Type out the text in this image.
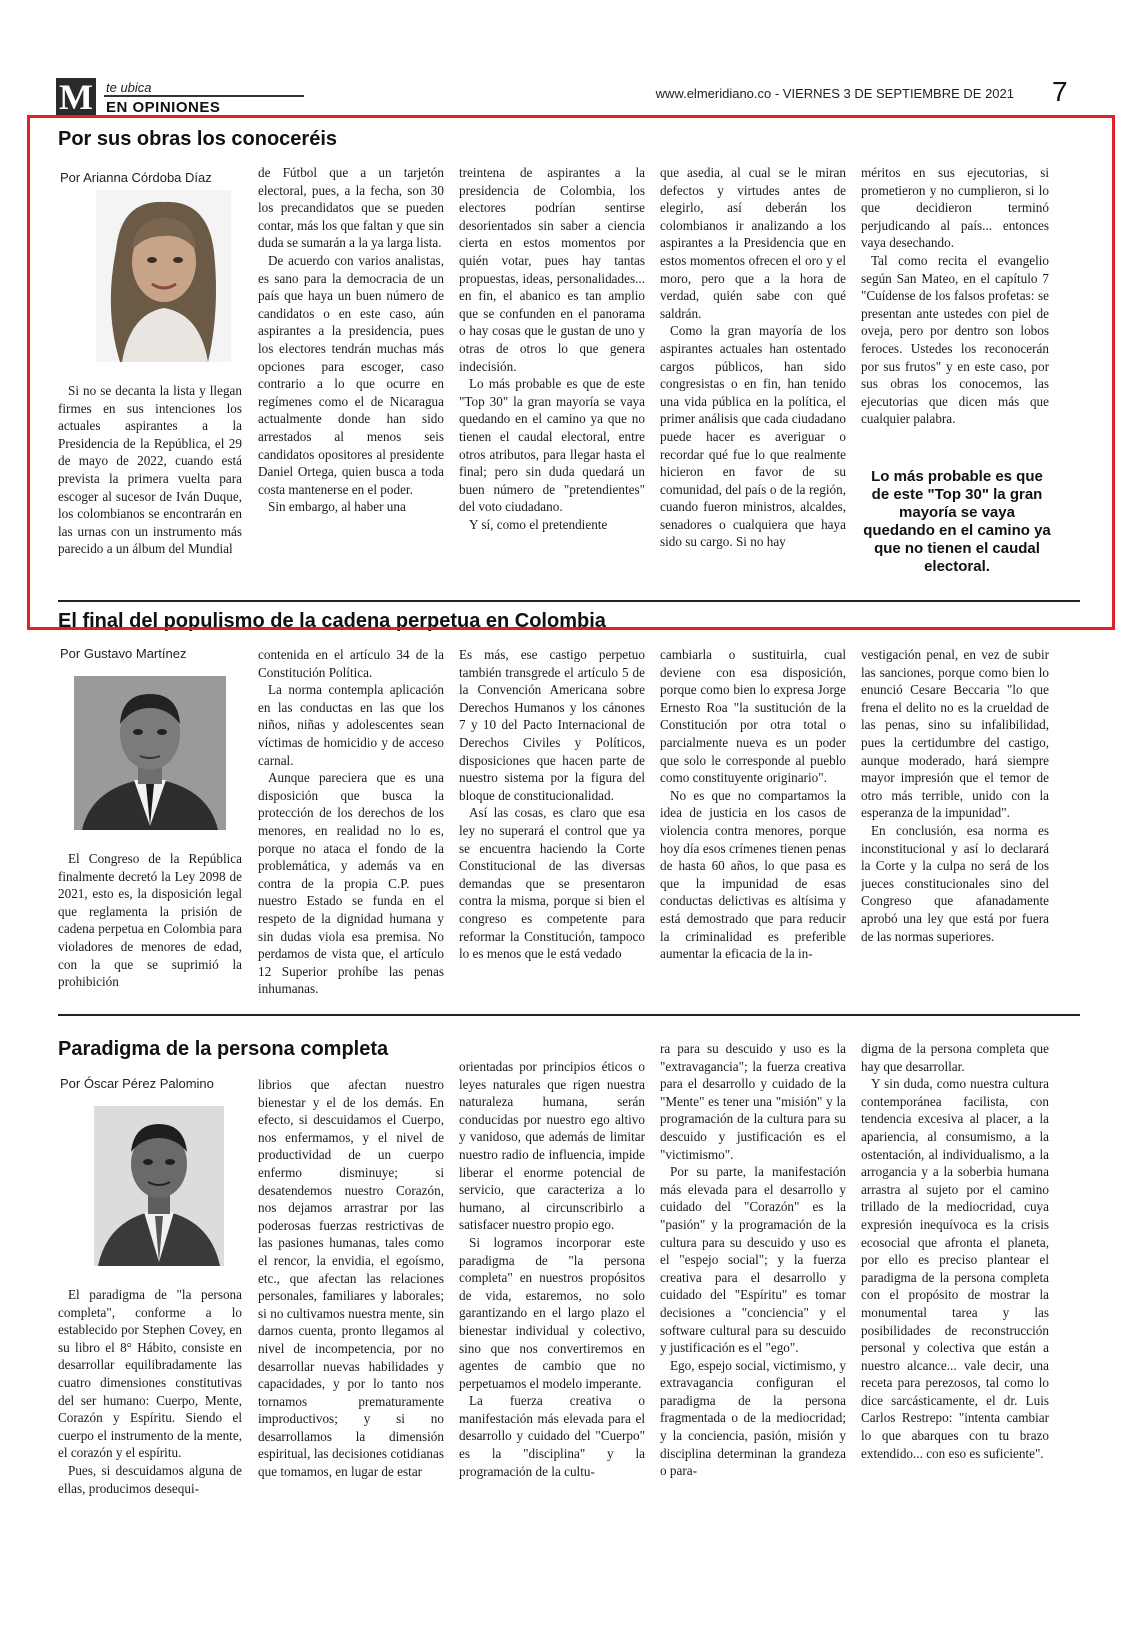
M te ubica
EN OPINIONES
www.elmeridiano.co - VIERNES 3 DE SEPTIEMBRE DE 2021 7
Por sus obras los conoceréis
Por Arianna Córdoba Díaz

Si no se decanta la lista y llegan firmes en sus intenciones los actuales aspirantes a la Presidencia de la República, el 29 de mayo de 2022, cuando está prevista la primera vuelta para escoger al sucesor de Iván Duque, los colombianos se encontrarán en las urnas con un instrumento más parecido a un álbum del Mundial

de Fútbol que a un tarjetón electoral, pues, a la fecha, son 30 los precandidatos que se pueden contar, más los que faltan y que sin duda se sumarán a la ya larga lista.

De acuerdo con varios analistas, es sano para la democracia de un país que haya un buen número de candidatos o en este caso, aún aspirantes a la presidencia, pues los electores tendrán muchas más opciones para escoger, caso contrario a lo que ocurre en regímenes como el de Nicaragua actualmente donde han sido arrestados al menos seis candidatos opositores al presidente Daniel Ortega, quien busca a toda costa mantenerse en el poder.

Sin embargo, al haber una

treintena de aspirantes a la presidencia de Colombia, los electores podrían sentirse desorientados sin saber a ciencia cierta en estos momentos por quién votar, pues hay tantas propuestas, ideas, personalidades... en fin, el abanico es tan amplio que se confunden en el panorama o hay cosas que le gustan de uno y otras de otros lo que genera indecisión.

Lo más probable es que de este "Top 30" la gran mayoría se vaya quedando en el camino ya que no tienen el caudal electoral, entre otros atributos, para llegar hasta el final; pero sin duda quedará un buen número de "pretendientes" del voto ciudadano.

Y sí, como el pretendiente

que asedia, al cual se le miran defectos y virtudes antes de elegirlo, así deberán los colombianos ir analizando a los aspirantes a la Presidencia que en estos momentos ofrecen el oro y el moro, pero que a la hora de verdad, quién sabe con qué saldrán.

Como la gran mayoría de los aspirantes actuales han ostentado cargos públicos, han sido congresistas o en fin, han tenido una vida pública en la política, el primer análisis que cada ciudadano puede hacer es averiguar o recordar qué fue lo que realmente hicieron en favor de su comunidad, del país o de la región, cuando fueron ministros, alcaldes, senadores o cualquiera que haya sido su cargo. Si no hay

méritos en sus ejecutorias, si prometieron y no cumplieron, si lo que decidieron terminó perjudicando al país... entonces vaya desechando.

Tal como recita el evangelio según San Mateo, en el capítulo 7 "Cuídense de los falsos profetas: se presentan ante ustedes con piel de oveja, pero por dentro son lobos feroces. Ustedes los reconocerán por sus frutos" y en este caso, por sus obras los conocemos, las ejecutorias que dicen más que cualquier palabra.

Lo más probable es que de este "Top 30" la gran mayoría se vaya quedando en el camino ya que no tienen el caudal electoral.
El final del populismo de la cadena perpetua en Colombia
Por Gustavo Martínez

El Congreso de la República finalmente decretó la Ley 2098 de 2021, esto es, la disposición legal que reglamenta la prisión de cadena perpetua en Colombia para violadores de menores de edad, con la que se suprimió la prohibición

contenida en el artículo 34 de la Constitución Política.

La norma contempla aplicación en las conductas en las que los niños, niñas y adolescentes sean víctimas de homicidio y de acceso carnal.

Aunque pareciera que es una disposición que busca la protección de los derechos de los menores, en realidad no lo es, porque no ataca el fondo de la problemática, y además va en contra de la propia C.P. pues nuestro Estado se funda en el respeto de la dignidad humana y sin dudas viola esa premisa. No perdamos de vista que, el artículo 12 Superior prohíbe las penas inhumanas.

Es más, ese castigo perpetuo también transgrede el artículo 5 de la Convención Americana sobre Derechos Humanos y los cánones 7 y 10 del Pacto Internacional de Derechos Civiles y Políticos, disposiciones que hacen parte de nuestro sistema por la figura del bloque de constitucionalidad.

Así las cosas, es claro que esa ley no superará el control que ya se encuentra haciendo la Corte Constitucional de las diversas demandas que se presentaron contra la misma, porque si bien el congreso es competente para reformar la Constitución, tampoco lo es menos que le está vedado

cambiarla o sustituirla, cual deviene con esa disposición, porque como bien lo expresa Jorge Ernesto Roa "la sustitución de la Constitución por otra total o parcialmente nueva es un poder que solo le corresponde al pueblo como constituyente originario".

No es que no compartamos la idea de justicia en los casos de violencia contra menores, porque hoy día esos crímenes tienen penas de hasta 60 años, lo que pasa es que la impunidad de esas conductas delictivas es altísima y está demostrado que para reducir la criminalidad es preferible aumentar la eficacia de la in-

vestigación penal, en vez de subir las sanciones, porque como bien lo enunció Cesare Beccaria "lo que frena el delito no es la crueldad de las penas, sino su infalibilidad, pues la certidumbre del castigo, aunque moderado, hará siempre mayor impresión que el temor de otro más terrible, unido con la esperanza de la impunidad".

En conclusión, esa norma es inconstitucional y así lo declarará la Corte y la culpa no será de los jueces constitucionales sino del Congreso que afanadamente aprobó una ley que está por fuera de las normas superiores.

Paradigma de la persona completa
Por Óscar Pérez Palomino

El paradigma de "la persona completa", conforme a lo establecido por Stephen Covey, en su libro el 8° Hábito, consiste en desarrollar equilibradamente las cuatro dimensiones constitutivas del ser humano: Cuerpo, Mente, Corazón y Espíritu. Siendo el cuerpo el instrumento de la mente, el corazón y el espíritu.

Pues, si descuidamos alguna de ellas, producimos desequi-

librios que afectan nuestro bienestar y el de los demás. En efecto, si descuidamos el Cuerpo, nos enfermamos, y el nivel de productividad de un cuerpo enfermo disminuye; si desatendemos nuestro Corazón, nos dejamos arrastrar por las poderosas fuerzas restrictivas de las pasiones humanas, tales como el rencor, la envidia, el egoísmo, etc., que afectan las relaciones personales, familiares y laborales; si no cultivamos nuestra mente, sin darnos cuenta, pronto llegamos al nivel de incompetencia, por no desarrollar nuevas habilidades y capacidades, y por lo tanto nos tornamos prematuramente improductivos; y si no desarrollamos la dimensión espiritual, las decisiones cotidianas que tomamos, en lugar de estar

orientadas por principios éticos o leyes naturales que rigen nuestra naturaleza humana, serán conducidas por nuestro ego altivo y vanidoso, que además de limitar nuestro radio de influencia, impide liberar el enorme potencial de servicio, que caracteriza a lo humano, al circunscribirlo a satisfacer nuestro propio ego.

Si logramos incorporar este paradigma de "la persona completa" en nuestros propósitos de vida, estaremos, no solo garantizando en el largo plazo el bienestar individual y colectivo, sino que nos convertiremos en agentes de cambio que no perpetuamos el modelo imperante.

La fuerza creativa o manifestación más elevada para el desarrollo y cuidado del "Cuerpo" es la "disciplina" y la programación de la cultu-

ra para su descuido y uso es la "extravagancia"; la fuerza creativa para el desarrollo y cuidado de la "Mente" es tener una "misión" y la programación de la cultura para su descuido y justificación es el "victimismo".

Por su parte, la manifestación más elevada para el desarrollo y cuidado del "Corazón" es la "pasión" y la programación de la cultura para su descuido y uso es el "espejo social"; y la fuerza creativa para el desarrollo y cuidado del "Espíritu" es tomar decisiones a "conciencia" y el software cultural para su descuido y justificación es el "ego".

Ego, espejo social, victimismo, y extravagancia configuran el paradigma de la persona fragmentada o de la mediocridad; y la conciencia, pasión, misión y disciplina determinan la grandeza o para-

digma de la persona completa que hay que desarrollar.

Y sin duda, como nuestra cultura contemporánea facilista, con tendencia excesiva al placer, a la apariencia, al consumismo, a la ostentación, al individualismo, a la arrogancia y a la soberbia humana arrastra al sujeto por el camino trillado de la mediocridad, cuya expresión inequívoca es la crisis ecosocial que afronta el planeta, por ello es preciso plantear el paradigma de la persona completa con el propósito de mostrar la monumental tarea y las posibilidades de reconstrucción personal y colectiva que están a nuestro alcance... vale decir, una receta para perezosos, tal como lo dice sarcásticamente, el dr. Luis Carlos Restrepo: "intenta cambiar lo que abarques con tu brazo extendido... con eso es suficiente".
